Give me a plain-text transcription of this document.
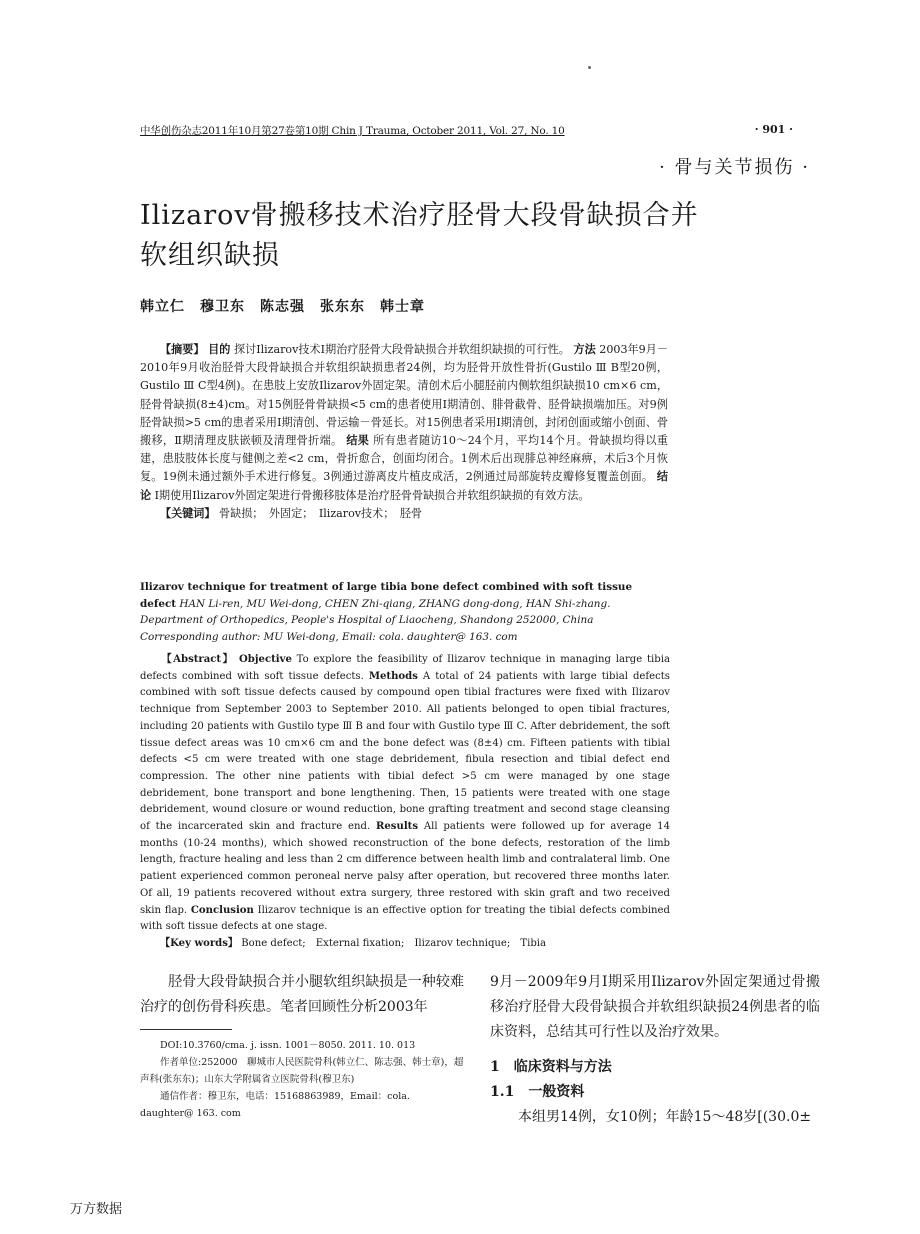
中华创伤杂志2011年10月第27卷第10期 Chin J Trauma, October 2011, Vol. 27, No. 10	· 901 ·
· 骨与关节损伤 ·
Ilizarov骨搬移技术治疗胫骨大段骨缺损合并软组织缺损
韩立仁　穆卫东　陈志强　张东东　韩士章
【摘要】 目的 探讨Ilizarov技术Ⅰ期治疗胫骨大段骨缺损合并软组织缺损的可行性。 方法 2003年9月－2010年9月收治胫骨大段骨缺损合并软组织缺损患者24例，均为胫骨开放性骨折(Gustilo Ⅲ B型20例，Gustilo Ⅲ C型4例)。在患肢上安放Ilizarov外固定架。清创术后小腿胫前内侧软组织缺损10 cm×6 cm，胫骨骨缺损(8±4)cm。对15例胫骨骨缺损<5 cm的患者使用Ⅰ期清创、腓骨截骨、胫骨缺损端加压。对9例胫骨缺损>5 cm的患者采用Ⅰ期清创、骨运输－骨延长。对15例患者采用Ⅰ期清创，封闭创面或缩小创面、骨搬移，Ⅱ期清理皮肤嵌顿及清理骨折端。 结果 所有患者随访10～24个月，平均14个月。骨缺损均得以重建，患肢肢体长度与健侧之差<2 cm，骨折愈合，创面均闭合。1例术后出现腓总神经麻痹，术后3个月恢复。19例未通过额外手术进行修复。3例通过游离皮片植皮成活，2例通过局部旋转皮瓣修复覆盖创面。 结论 Ⅰ期使用Ilizarov外固定架进行骨搬移肢体是治疗胫骨骨缺损合并软组织缺损的有效方法。
【关键词】 骨缺损；　外固定；　Ilizarov技术；　胫骨
Ilizarov technique for treatment of large tibia bone defect combined with soft tissue defect HAN Li-ren, MU Wei-dong, CHEN Zhi-qiang, ZHANG dong-dong, HAN Shi-zhang. Department of Orthopedics, People's Hospital of Liaocheng, Shandong 252000, China
Corresponding author: MU Wei-dong, Email: cola. daughter@ 163. com
【Abstract】 Objective To explore the feasibility of Ilizarov technique in managing large tibia defects combined with soft tissue defects. Methods A total of 24 patients with large tibial defects combined with soft tissue defects caused by compound open tibial fractures were fixed with Ilizarov technique from September 2003 to September 2010. All patients belonged to open tibial fractures, including 20 patients with Gustilo type Ⅲ B and four with Gustilo type Ⅲ C. After debridement, the soft tissue defect areas was 10 cm×6 cm and the bone defect was (8±4) cm. Fifteen patients with tibial defects <5 cm were treated with one stage debridement, fibula resection and tibial defect end compression. The other nine patients with tibial defect >5 cm were managed by one stage debridement, bone transport and bone lengthening. Then, 15 patients were treated with one stage debridement, wound closure or wound reduction, bone grafting treatment and second stage cleansing of the incarcerated skin and fracture end. Results All patients were followed up for average 14 months (10-24 months), which showed reconstruction of the bone defects, restoration of the limb length, fracture healing and less than 2 cm difference between health limb and contralateral limb. One patient experienced common peroneal nerve palsy after operation, but recovered three months later. Of all, 19 patients recovered without extra surgery, three restored with skin graft and two received skin flap. Conclusion Ilizarov technique is an effective option for treating the tibial defects combined with soft tissue defects at one stage.
【Key words】 Bone defect;　External fixation;　Ilizarov technique;　Tibia
胫骨大段骨缺损合并小腿软组织缺损是一种较难治疗的创伤骨科疾患。笔者回顾性分析2003年

DOI:10.3760/cma. j. issn. 1001－8050. 2011. 10. 013

作者单位:252000　聊城市人民医院骨科(韩立仁、陈志强、韩士章)，超声科(张东东)；山东大学附属省立医院骨科(穆卫东)

通信作者：穆卫东，电话：15168863989，Email：cola. daughter@ 163. com

9月－2009年9月Ⅰ期采用Ilizarov外固定架通过骨搬移治疗胫骨大段骨缺损合并软组织缺损24例患者的临床资料，总结其可行性以及治疗效果。
1　临床资料与方法
1.1　一般资料
本组男14例，女10例；年龄15～48岁[(30.0±
万方数据
